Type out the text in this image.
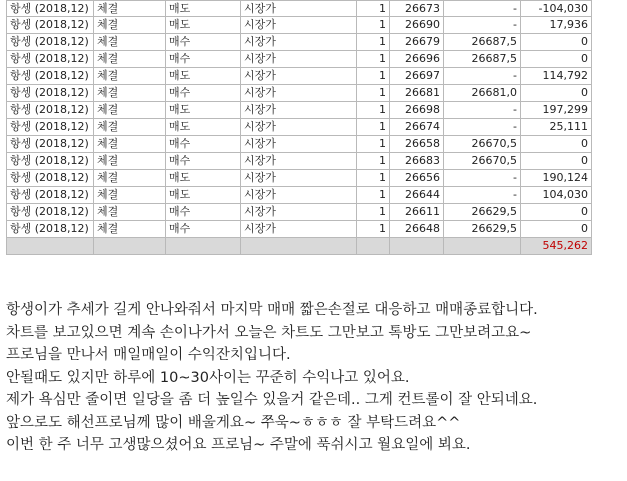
항셍 (2018,12)	체결	매도	시장가	1	26673	-	-104,030
항셍 (2018,12)	체결	매도	시장가	1	26690	-	17,936
항셍 (2018,12)	체결	매수	시장가	1	26679	26687,5	0
항셍 (2018,12)	체결	매수	시장가	1	26696	26687,5	0
항셍 (2018,12)	체결	매도	시장가	1	26697	-	114,792
항셍 (2018,12)	체결	매수	시장가	1	26681	26681,0	0
항셍 (2018,12)	체결	매도	시장가	1	26698	-	197,299
항셍 (2018,12)	체결	매도	시장가	1	26674	-	25,111
항셍 (2018,12)	체결	매수	시장가	1	26658	26670,5	0
항셍 (2018,12)	체결	매수	시장가	1	26683	26670,5	0
항셍 (2018,12)	체결	매도	시장가	1	26656	-	190,124
항셍 (2018,12)	체결	매도	시장가	1	26644	-	104,030
항셍 (2018,12)	체결	매수	시장가	1	26611	26629,5	0
항셍 (2018,12)	체결	매수	시장가	1	26648	26629,5	0
							545,262

항생이가 추세가 길게 안나와줘서 마지막 매매 짧은손절로 대응하고 매매종료합니다.

차트를 보고있으면 계속 손이나가서 오늘은 차트도 그만보고 톡방도 그만보려고요~

프로님을 만나서 매일매일이 수익잔치입니다.

안될때도 있지만 하루에 10~30사이는 꾸준히 수익나고 있어요.

제가 욕심만 줄이면 일당을 좀 더 높일수 있을거 같은데.. 그게 컨트롤이 잘 안되네요.

앞으로도 해선프로님께 많이 배울게요~ 쭈욱~ㅎㅎㅎ 잘 부탁드려요^^

이번 한 주 너무 고생많으셨어요 프로님~ 주말에 푹쉬시고 월요일에 뵈요.
